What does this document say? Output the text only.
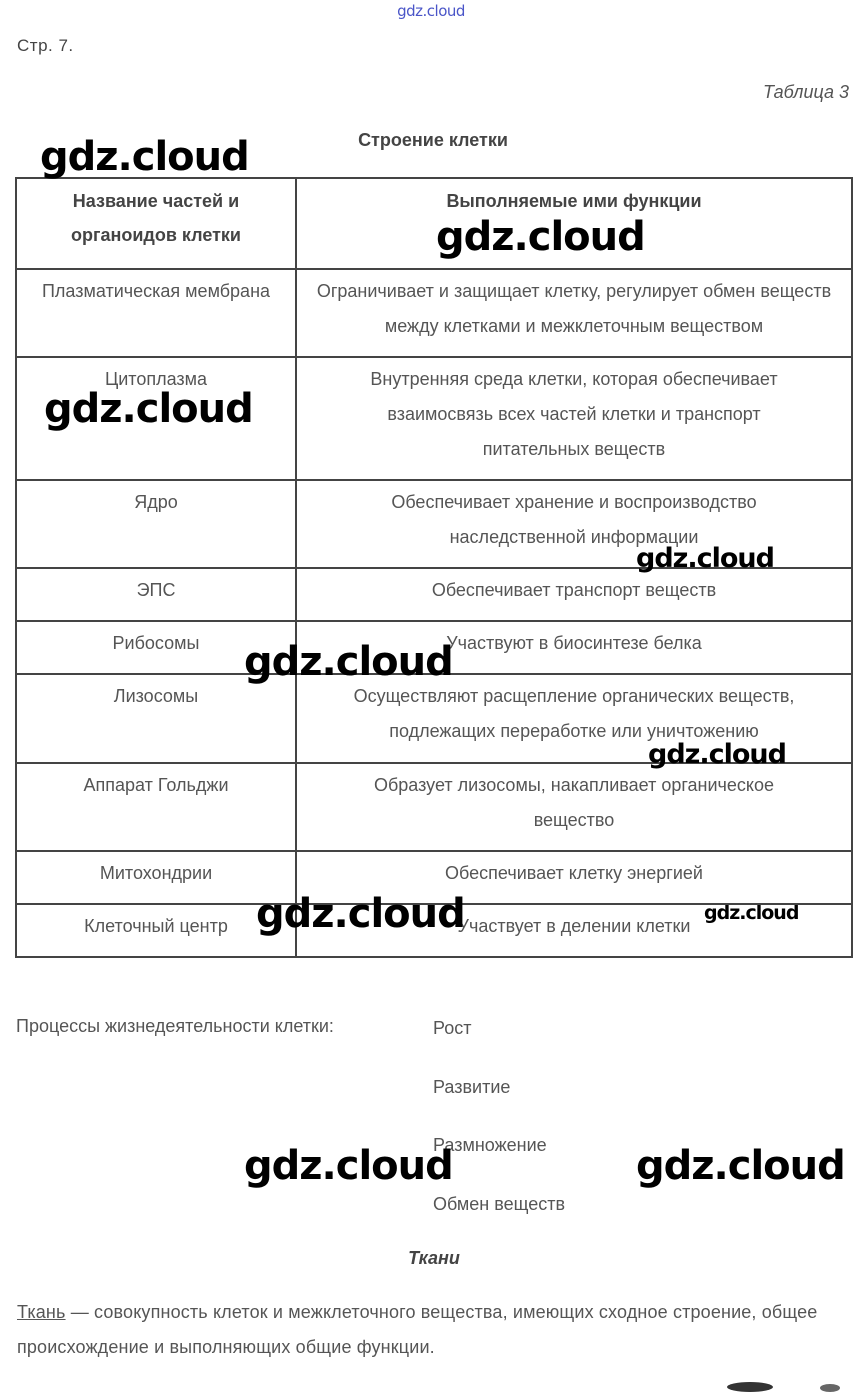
gdz.cloud
Стр. 7.
Таблица 3
Строение клетки
Название частей и органоидов клетки	Выполняемые ими функции
Плазматическая мембрана	Ограничивает и защищает клетку, регулирует обмен веществ между клетками и межклеточным веществом
Цитоплазма	Внутренняя среда клетки, которая обеспечивает взаимосвязь всех частей клетки и транспорт питательных веществ
Ядро	Обеспечивает хранение и воспроизводство наследственной информации
ЭПС	Обеспечивает транспорт веществ
Рибосомы	Участвуют в биосинтезе белка
Лизосомы	Осуществляют расщепление органических веществ, подлежащих переработке или уничтожению
Аппарат Гольджи	Образует лизосомы, накапливает органическое вещество
Митохондрии	Обеспечивает клетку энергией
Клеточный центр	Участвует в делении клетки
Процессы жизнедеятельности клетки:	Рост
Развитие
Размножение
Обмен веществ
Ткани
Ткань — совокупность клеток и межклеточного вещества, имеющих сходное строение, общее происхождение и выполняющих общие функции.
gdz.cloud
gdz.cloud
gdz.cloud
gdz.cloud
gdz.cloud
gdz.cloud
gdz.cloud	gdz.cloud
gdz.cloud	gdz.cloud
